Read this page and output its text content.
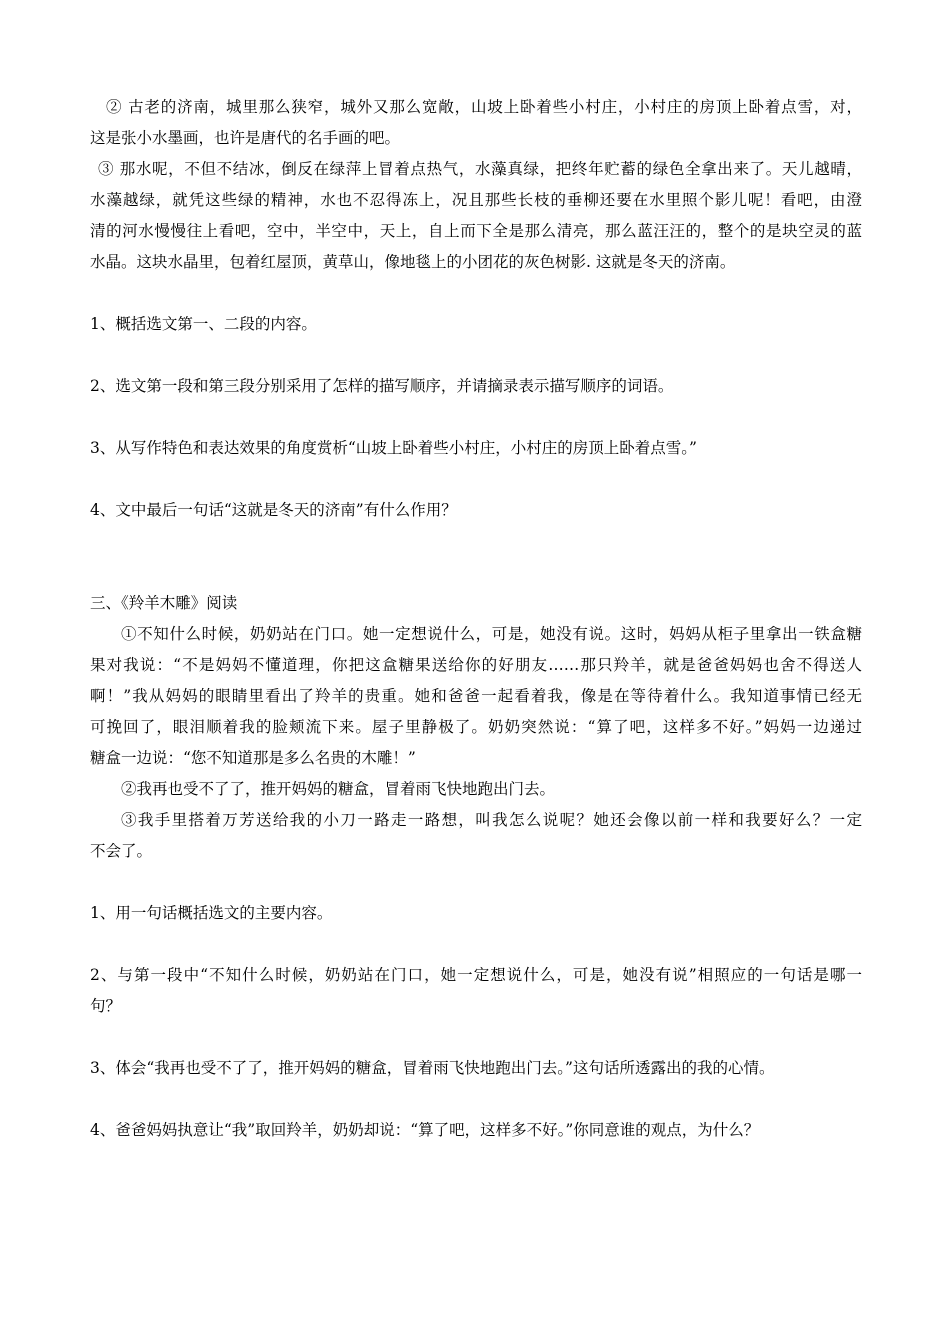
② 古老的济南，城里那么狭窄，城外又那么宽敞，山坡上卧着些小村庄，小村庄的房顶上卧着点雪，对，

这是张小水墨画，也许是唐代的名手画的吧。

③ 那水呢，不但不结冰，倒反在绿萍上冒着点热气，水藻真绿，把终年贮蓄的绿色全拿出来了。天儿越晴，

水藻越绿，就凭这些绿的精神，水也不忍得冻上，况且那些长枝的垂柳还要在水里照个影儿呢！看吧，由澄

清的河水慢慢往上看吧，空中，半空中，天上，自上而下全是那么清亮，那么蓝汪汪的，整个的是块空灵的蓝

水晶。这块水晶里，包着红屋顶，黄草山，像地毯上的小团花的灰色树影. 这就是冬天的济南。

1、概括选文第一、二段的内容。

2、选文第一段和第三段分别采用了怎样的描写顺序，并请摘录表示描写顺序的词语。

3、从写作特色和表达效果的角度赏析“山坡上卧着些小村庄，小村庄的房顶上卧着点雪。”

4、文中最后一句话“这就是冬天的济南”有什么作用？

三、《羚羊木雕》阅读

①不知什么时候，奶奶站在门口。她一定想说什么，可是，她没有说。这时，妈妈从柜子里拿出一铁盒糖

果对我说：“不是妈妈不懂道理，你把这盒糖果送给你的好朋友……那只羚羊，就是爸爸妈妈也舍不得送人

啊！”我从妈妈的眼睛里看出了羚羊的贵重。她和爸爸一起看着我，像是在等待着什么。我知道事情已经无

可挽回了，眼泪顺着我的脸颊流下来。屋子里静极了。奶奶突然说：“算了吧，这样多不好。”妈妈一边递过

糖盒一边说：“您不知道那是多么名贵的木雕！”

②我再也受不了了，推开妈妈的糖盒，冒着雨飞快地跑出门去。

③我手里搭着万芳送给我的小刀一路走一路想，叫我怎么说呢？她还会像以前一样和我要好么？一定

不会了。

1、用一句话概括选文的主要内容。

2、与第一段中“不知什么时候，奶奶站在门口，她一定想说什么，可是，她没有说”相照应的一句话是哪一

句？

3、体会“我再也受不了了，推开妈妈的糖盒，冒着雨飞快地跑出门去。”这句话所透露出的我的心情。

4、爸爸妈妈执意让“我”取回羚羊，奶奶却说：“算了吧，这样多不好。”你同意谁的观点，为什么？
